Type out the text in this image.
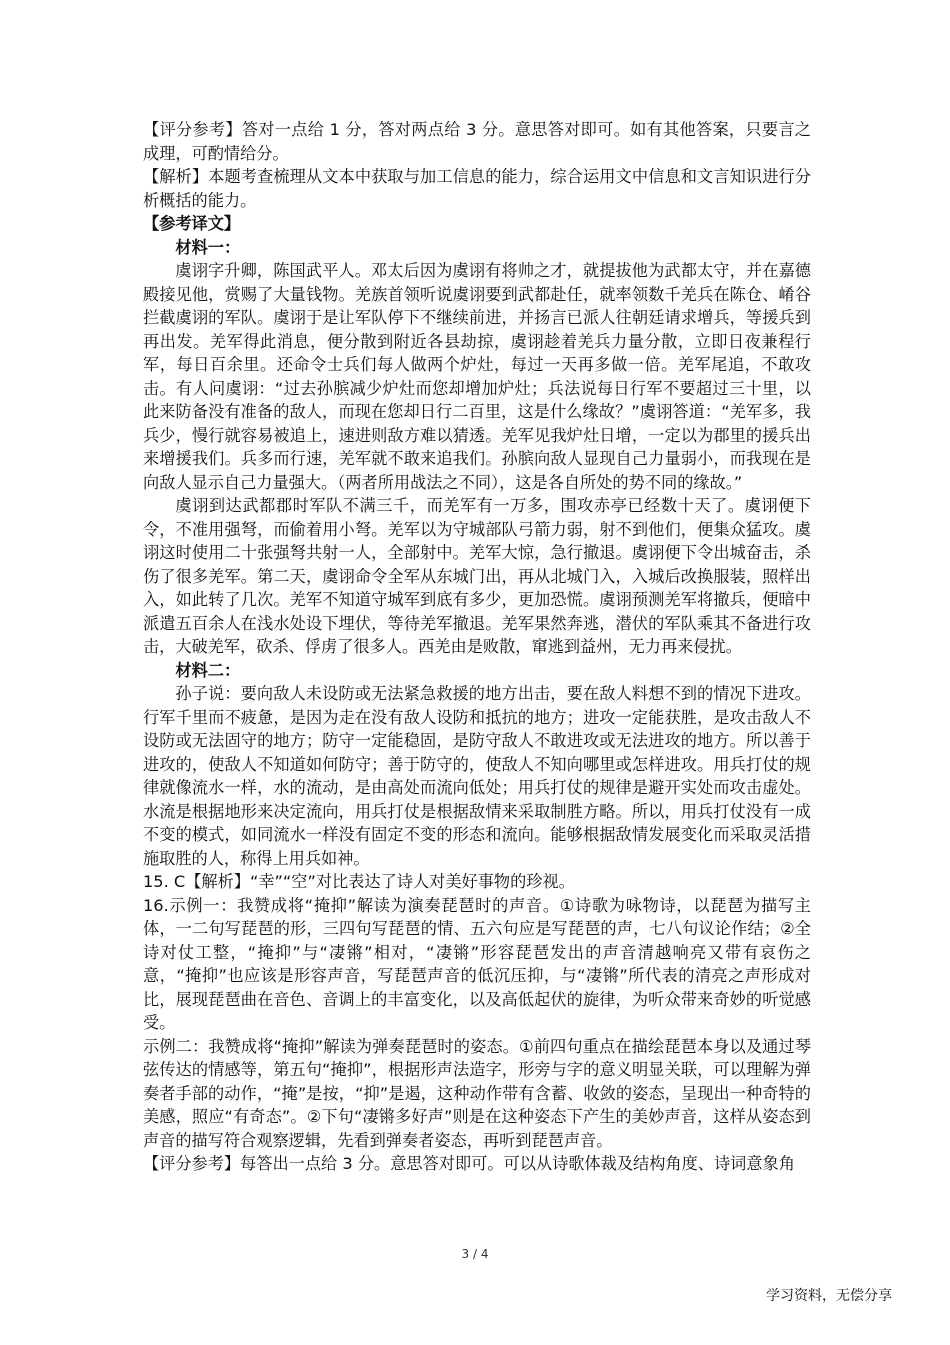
【评分参考】答对一点给 1 分，答对两点给 3 分。意思答对即可。如有其他答案，只要言之成理，可酌情给分。

【解析】本题考查梳理从文本中获取与加工信息的能力，综合运用文中信息和文言知识进行分析概括的能力。

【参考译文】

材料一：

虞诩字升卿，陈国武平人。邓太后因为虞诩有将帅之才，就提拔他为武都太守，并在嘉德殿接见他，赏赐了大量钱物。羌族首领听说虞诩要到武都赴任，就率领数千羌兵在陈仓、崤谷拦截虞诩的军队。虞诩于是让军队停下不继续前进，并扬言已派人往朝廷请求增兵，等援兵到再出发。羌军得此消息，便分散到附近各县劫掠，虞诩趁着羌兵力量分散，立即日夜兼程行军，每日百余里。还命令士兵们每人做两个炉灶，每过一天再多做一倍。羌军尾追，不敢攻击。有人问虞诩：“过去孙膑减少炉灶而您却增加炉灶；兵法说每日行军不要超过三十里，以此来防备没有准备的敌人，而现在您却日行二百里，这是什么缘故？”虞诩答道：“羌军多，我兵少，慢行就容易被追上，速进则敌方难以猜透。羌军见我炉灶日增，一定以为郡里的援兵出来增援我们。兵多而行速，羌军就不敢来追我们。孙膑向敌人显现自己力量弱小，而我现在是向敌人显示自己力量强大。（两者所用战法之不同），这是各自所处的势不同的缘故。”

虞诩到达武都郡时军队不满三千，而羌军有一万多，围攻赤亭已经数十天了。虞诩便下令，不准用强弩，而偷着用小弩。羌军以为守城部队弓箭力弱，射不到他们，便集众猛攻。虞诩这时使用二十张强弩共射一人，全部射中。羌军大惊，急行撤退。虞诩便下令出城奋击，杀伤了很多羌军。第二天，虞诩命令全军从东城门出，再从北城门入，入城后改换服装，照样出入，如此转了几次。羌军不知道守城军到底有多少，更加恐慌。虞诩预测羌军将撤兵，便暗中派遣五百余人在浅水处设下埋伏，等待羌军撤退。羌军果然奔逃，潜伏的军队乘其不备进行攻击，大破羌军，砍杀、俘虏了很多人。西羌由是败散，窜逃到益州，无力再来侵扰。

材料二：

孙子说：要向敌人未设防或无法紧急救援的地方出击，要在敌人料想不到的情况下进攻。行军千里而不疲惫，是因为走在没有敌人设防和抵抗的地方；进攻一定能获胜，是攻击敌人不设防或无法固守的地方；防守一定能稳固，是防守敌人不敢进攻或无法进攻的地方。所以善于进攻的，使敌人不知道如何防守；善于防守的，使敌人不知向哪里或怎样进攻。用兵打仗的规律就像流水一样，水的流动，是由高处而流向低处；用兵打仗的规律是避开实处而攻击虚处。水流是根据地形来决定流向，用兵打仗是根据敌情来采取制胜方略。所以，用兵打仗没有一成不变的模式，如同流水一样没有固定不变的形态和流向。能够根据敌情发展变化而采取灵活措施取胜的人，称得上用兵如神。

15. C【解析】“幸”“空”对比表达了诗人对美好事物的珍视。

16.示例一：我赞成将“掩抑”解读为演奏琵琶时的声音。①诗歌为咏物诗，以琵琶为描写主体，一二句写琵琶的形，三四句写琵琶的情、五六句应是写琵琶的声，七八句议论作结；②全诗对仗工整，“掩抑”与“凄锵”相对，“凄锵”形容琵琶发出的声音清越响亮又带有哀伤之意，“掩抑”也应该是形容声音，写琵琶声音的低沉压抑，与“凄锵”所代表的清亮之声形成对比，展现琵琶曲在音色、音调上的丰富变化，以及高低起伏的旋律，为听众带来奇妙的听觉感受。

示例二：我赞成将“掩抑”解读为弹奏琵琶时的姿态。①前四句重点在描绘琵琶本身以及通过琴弦传达的情感等，第五句“掩抑”，根据形声法造字，形旁与字的意义明显关联，可以理解为弹奏者手部的动作，“掩”是按，“抑”是遏，这种动作带有含蓄、收敛的姿态，呈现出一种奇特的美感，照应“有奇态”。②下句“凄锵多好声”则是在这种姿态下产生的美妙声音，这样从姿态到声音的描写符合观察逻辑，先看到弹奏者姿态，再听到琵琶声音。

【评分参考】每答出一点给 3 分。意思答对即可。可以从诗歌体裁及结构角度、诗词意象角

3 / 4
学习资料，无偿分享
